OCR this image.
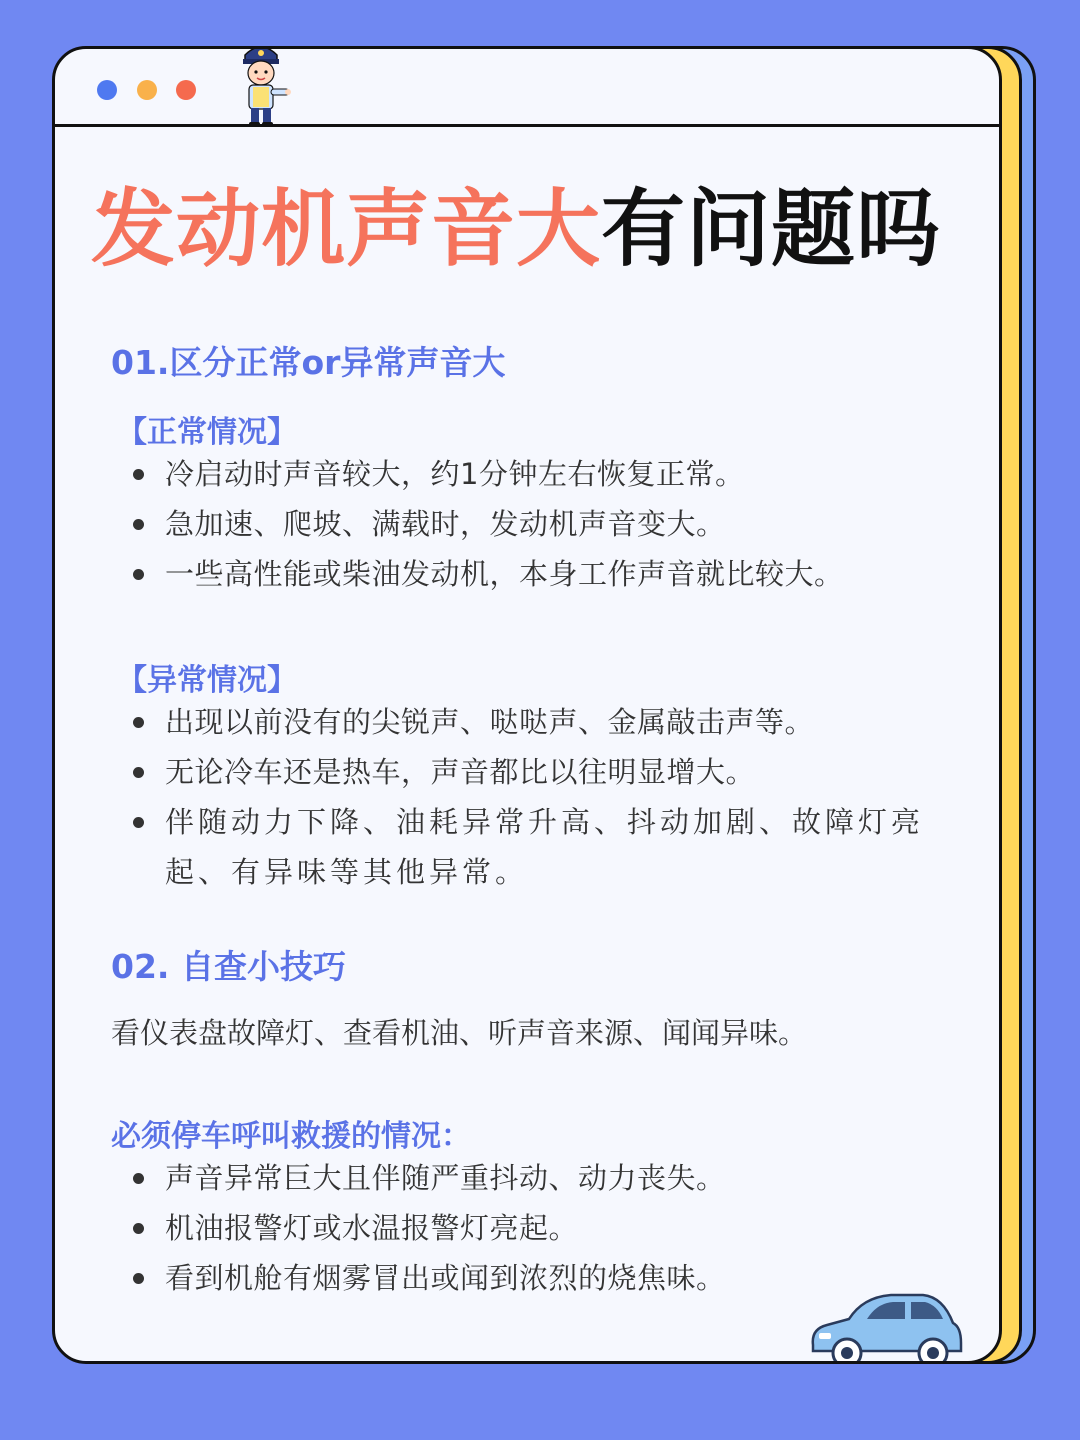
发动机声音大有问题吗
01.区分正常or异常声音大
【正常情况】
冷启动时声音较大，约1分钟左右恢复正常。
急加速、爬坡、满载时，发动机声音变大。
一些高性能或柴油发动机，本身工作声音就比较大。
【异常情况】
出现以前没有的尖锐声、哒哒声、金属敲击声等。
无论冷车还是热车，声音都比以往明显增大。
伴随动力下降、油耗异常升高、抖动加剧、故障灯亮起、有异味等其他异常。
02. 自查小技巧
看仪表盘故障灯、查看机油、听声音来源、闻闻异味。
必须停车呼叫救援的情况：
声音异常巨大且伴随严重抖动、动力丧失。
机油报警灯或水温报警灯亮起。
看到机舱有烟雾冒出或闻到浓烈的烧焦味。
